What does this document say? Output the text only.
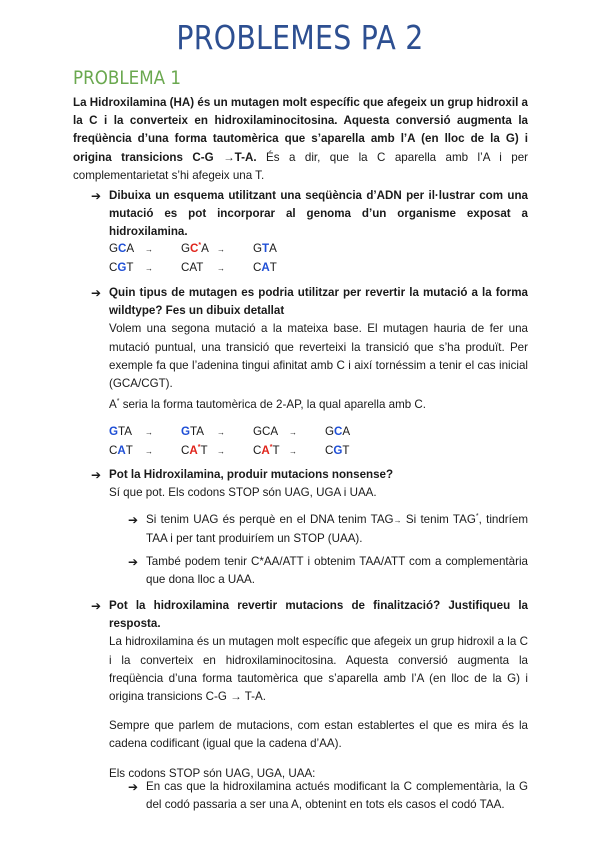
PROBLEMES PA 2
PROBLEMA 1
La Hidroxilamina (HA) és un mutagen molt específic que afegeix un grup hidroxil a la C i la converteix en hidroxilaminocitosina. Aquesta conversió augmenta la freqüència d’una forma tautomèrica que s’aparella amb l’A (en lloc de la G) i origina transicions C-G →T-A. És a dir, que la C aparella amb l’A i per complementarietat s’hi afegeix una T.
➔ Dibuixa un esquema utilitzant una seqüència d’ADN per il·lustrar com una mutació es pot incorporar al genoma d’un organisme exposat a hidroxilamina.
GCA → GC*A → GTA
CGT → CAT → CAT
➔ Quin tipus de mutagen es podria utilitzar per revertir la mutació a la forma wildtype? Fes un dibuix detallat

Volem una segona mutació a la mateixa base. El mutagen hauria de fer una mutació puntual, una transició que reverteixi la transició que s’ha produït. Per exemple fa que l’adenina tingui afinitat amb C i així tornéssim a tenir el cas inicial (GCA/CGT).

A* seria la forma tautomèrica de 2-AP, la qual aparella amb C.
GTA → GTA → GCA → GCA
CAT → CA*T → CA*T → CGT
➔ Pot la Hidroxilamina, produir mutacions nonsense?

Sí que pot. Els codons STOP són UAG, UGA i UAA.

➔ Si tenim UAG és perquè en el DNA tenim TAG→ Si tenim TAG*, tindríem TAA i per tant produiríem un STOP (UAA).
➔ També podem tenir C*AA/ATT i obtenim TAA/ATT com a complementària que dona lloc a UAA.
➔ Pot la hidroxilamina revertir mutacions de finalització? Justifiqueu la resposta.

La hidroxilamina és un mutagen molt específic que afegeix un grup hidroxil a la C i la converteix en hidroxilaminocitosina. Aquesta conversió augmenta la freqüència d’una forma tautomèrica que s’aparella amb l’A (en lloc de la G) i origina transicions C-G → T-A.

Sempre que parlem de mutacions, com estan establertes el que es mira és la cadena codificant (igual que la cadena d’AA).

Els codons STOP són UAG, UGA, UAA:

➔ En cas que la hidroxilamina actués modificant la C complementària, la G del codó passaria a ser una A, obtenint en tots els casos el codó TAA.
